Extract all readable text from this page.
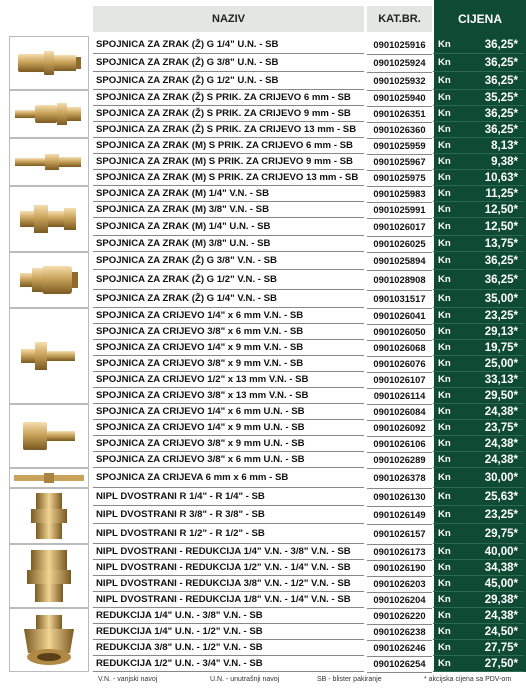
NAZIV	KAT.BR.	CIJENA
SPOJNICA ZA ZRAK (Ž) G 1/4" U.N. - SB	0901025916	Kn	36,25*
SPOJNICA ZA ZRAK (Ž) G 3/8" U.N. - SB	0901025924	Kn	36,25*
SPOJNICA ZA ZRAK (Ž) G 1/2" U.N. - SB	0901025932	Kn	36,25*
SPOJNICA ZA ZRAK (Ž) S PRIK. ZA CRIJEVO 6 mm - SB	0901025940	Kn	35,25*
SPOJNICA ZA ZRAK (Ž) S PRIK. ZA CRIJEVO 9 mm - SB	0901026351	Kn	36,25*
SPOJNICA ZA ZRAK (Ž) S PRIK. ZA CRIJEVO 13 mm - SB	0901026360	Kn	36,25*
SPOJNICA ZA ZRAK (M) S PRIK. ZA CRIJEVO 6 mm - SB	0901025959	Kn	8,13*
SPOJNICA ZA ZRAK (M) S PRIK. ZA CRIJEVO 9 mm - SB	0901025967	Kn	9,38*
SPOJNICA ZA ZRAK (M) S PRIK. ZA CRIJEVO 13 mm - SB	0901025975	Kn	10,63*
SPOJNICA ZA ZRAK (M) 1/4" V.N. - SB	0901025983	Kn	11,25*
SPOJNICA ZA ZRAK (M) 3/8" V.N. - SB	0901025991	Kn	12,50*
SPOJNICA ZA ZRAK (M) 1/4" U.N. - SB	0901026017	Kn	12,50*
SPOJNICA ZA ZRAK (M) 3/8" U.N. - SB	0901026025	Kn	13,75*
SPOJNICA ZA ZRAK (Ž) G 3/8" V.N. - SB	0901025894	Kn	36,25*
SPOJNICA ZA ZRAK (Ž) G 1/2" V.N. - SB	0901028908	Kn	36,25*
SPOJNICA ZA ZRAK (Ž) G 1/4" V.N. - SB	0901031517	Kn	35,00*
SPOJNICA ZA CRIJEVO 1/4" x 6 mm V.N. - SB	0901026041	Kn	23,25*
SPOJNICA ZA CRIJEVO 3/8" x 6 mm V.N. - SB	0901026050	Kn	29,13*
SPOJNICA ZA CRIJEVO 1/4" x 9 mm V.N. - SB	0901026068	Kn	19,75*
SPOJNICA ZA CRIJEVO 3/8" x 9 mm V.N. - SB	0901026076	Kn	25,00*
SPOJNICA ZA CRIJEVO 1/2" x 13 mm V.N. - SB	0901026107	Kn	33,13*
SPOJNICA ZA CRIJEVO 3/8" x 13 mm V.N. - SB	0901026114	Kn	29,50*
SPOJNICA ZA CRIJEVO 1/4" x 6 mm U.N. - SB	0901026084	Kn	24,38*
SPOJNICA ZA CRIJEVO 1/4" x 9 mm U.N. - SB	0901026092	Kn	23,75*
SPOJNICA ZA CRIJEVO 3/8" x 9 mm U.N. - SB	0901026106	Kn	24,38*
SPOJNICA ZA CRIJEVO 3/8" x 6 mm U.N. - SB	0901026289	Kn	24,38*
SPOJNICA ZA CRIJEVA 6 mm x 6 mm - SB	0901026378	Kn	30,00*
NIPL DVOSTRANI R 1/4" - R 1/4" - SB	0901026130	Kn	25,63*
NIPL DVOSTRANI R 3/8" - R 3/8" - SB	0901026149	Kn	23,25*
NIPL DVOSTRANI R 1/2" - R 1/2" - SB	0901026157	Kn	29,75*
NIPL DVOSTRANI - REDUKCIJA 1/4" V.N. - 3/8" V.N. - SB	0901026173	Kn	40,00*
NIPL DVOSTRANI - REDUKCIJA 1/2" V.N. - 1/4" V.N. - SB	0901026190	Kn	34,38*
NIPL DVOSTRANI - REDUKCIJA 3/8" V.N. - 1/2" V.N. - SB	0901026203	Kn	45,00*
NIPL DVOSTRANI - REDUKCIJA 1/8" V.N. - 1/4" V.N. - SB	0901026204	Kn	29,38*
REDUKCIJA 1/4" U.N. - 3/8" V.N. - SB	0901026220	Kn	24,38*
REDUKCIJA 1/4" U.N. - 1/2" V.N. - SB	0901026238	Kn	24,50*
REDUKCIJA 3/8" U.N. - 1/2" V.N. - SB	0901026246	Kn	27,75*
REDUKCIJA 1/2" U.N. - 3/4" V.N. - SB	0901026254	Kn	27,50*
V.N. - vanjski navoj	U.N. - unutrašnji navoj	SB - blister pakiranje	* akcijska cijena sa PDV-om
